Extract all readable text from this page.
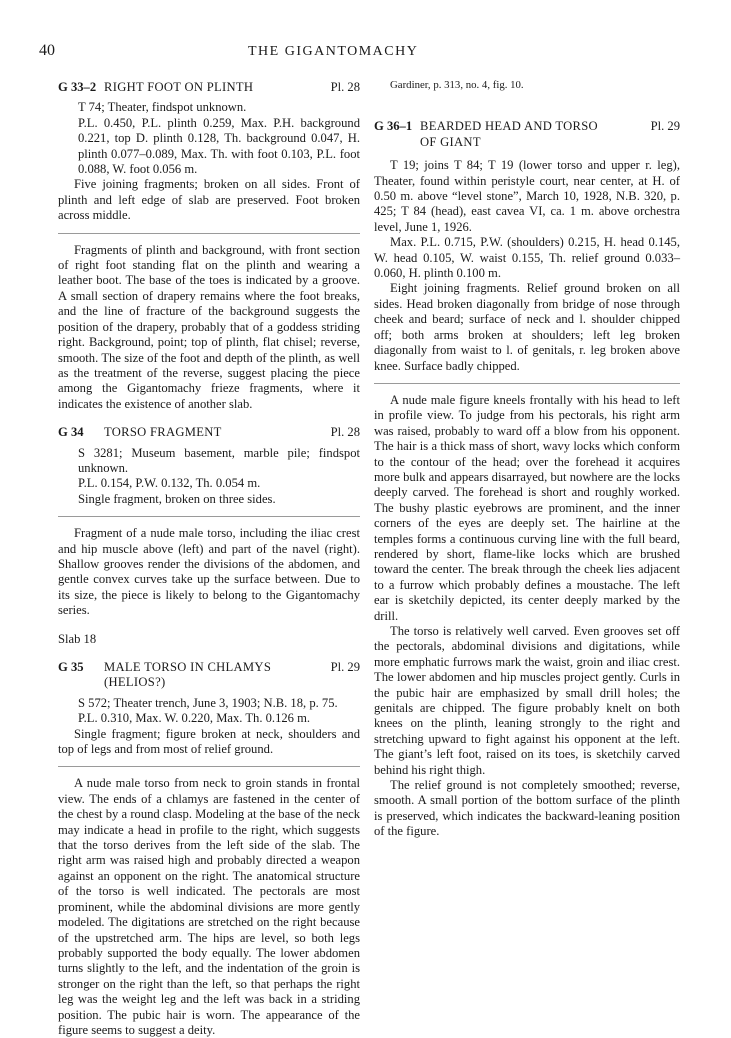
40	THE GIGANTOMACHY
G 33–2 RIGHT FOOT ON PLINTH	Pl. 28

T 74; Theater, findspot unknown.

P.L. 0.450, P.L. plinth 0.259, Max. P.H. background 0.221, top D. plinth 0.128, Th. background 0.047, H. plinth 0.077–0.089, Max. Th. with foot 0.103, P.L. foot 0.088, W. foot 0.056 m.

Five joining fragments; broken on all sides. Front of plinth and left edge of slab are preserved. Foot broken across middle.

Fragments of plinth and background, with front section of right foot standing flat on the plinth and wearing a leather boot. The base of the toes is indicated by a groove. A small section of drapery remains where the foot breaks, and the line of fracture of the background suggests the position of the drapery, probably that of a goddess striding right. Background, point; top of plinth, flat chisel; reverse, smooth. The size of the foot and depth of the plinth, as well as the treatment of the reverse, suggest placing the piece among the Gigantomachy frieze fragments, where it indicates the existence of another slab.

G 34	TORSO FRAGMENT	Pl. 28

S 3281; Museum basement, marble pile; findspot unknown.

P.L. 0.154, P.W. 0.132, Th. 0.054 m.

Single fragment, broken on three sides.

Fragment of a nude male torso, including the iliac crest and hip muscle above (left) and part of the navel (right). Shallow grooves render the divisions of the abdomen, and gentle convex curves take up the surface between. Due to its size, the piece is likely to belong to the Gigantomachy series.

Slab 18

G 35	MALE TORSO IN CHLAMYS	Pl. 29
(HELIOS?)

S 572; Theater trench, June 3, 1903; N.B. 18, p. 75.

P.L. 0.310, Max. W. 0.220, Max. Th. 0.126 m.

Single fragment; figure broken at neck, shoulders and top of legs and from most of relief ground.

A nude male torso from neck to groin stands in frontal view. The ends of a chlamys are fastened in the center of the chest by a round clasp. Modeling at the base of the neck may indicate a head in profile to the right, which suggests that the torso derives from the left side of the slab. The right arm was raised high and probably directed a weapon against an opponent on the right. The anatomical structure of the torso is well indicated. The pectorals are most prominent, while the abdominal divisions are more gently modeled. The digitations are stretched on the right because of the upstretched arm. The hips are level, so both legs probably supported the body equally. The lower abdomen turns slightly to the left, and the indentation of the groin is stronger on the right than the left, so that perhaps the right leg was the weight leg and the left was back in a striding position. The pubic hair is worn. The appearance of the figure seems to suggest a deity.

Gardiner, p. 313, no. 4, fig. 10.

G 36–1 BEARDED HEAD AND TORSO	Pl. 29
OF GIANT

T 19; joins T 84; T 19 (lower torso and upper r. leg), Theater, found within peristyle court, near center, at H. of 0.50 m. above “level stone”, March 10, 1928, N.B. 320, p. 425; T 84 (head), east cavea VI, ca. 1 m. above orchestra level, June 1, 1926.

Max. P.L. 0.715, P.W. (shoulders) 0.215, H. head 0.145, W. head 0.105, W. waist 0.155, Th. relief ground 0.033–0.060, H. plinth 0.100 m.

Eight joining fragments. Relief ground broken on all sides. Head broken diagonally from bridge of nose through cheek and beard; surface of neck and l. shoulder chipped off; both arms broken at shoulders; left leg broken diagonally from waist to l. of genitals, r. leg broken above knee. Surface badly chipped.

A nude male figure kneels frontally with his head to left in profile view. To judge from his pectorals, his right arm was raised, probably to ward off a blow from his opponent. The hair is a thick mass of short, wavy locks which conform to the contour of the head; over the forehead it acquires more bulk and appears disarrayed, but nowhere are the locks deeply carved. The forehead is short and roughly worked. The bushy plastic eyebrows are prominent, and the inner corners of the eyes are deeply set. The hairline at the temples forms a continuous curving line with the full beard, rendered by short, flame-like locks which are brushed toward the center. The break through the cheek lies adjacent to a furrow which probably defines a moustache. The left ear is sketchily depicted, its center deeply marked by the drill.

The torso is relatively well carved. Even grooves set off the pectorals, abdominal divisions and digitations, while more emphatic furrows mark the waist, groin and iliac crest. The lower abdomen and hip muscles project gently. Curls in the pubic hair are emphasized by small drill holes; the genitals are chipped. The figure probably knelt on both knees on the plinth, leaning strongly to the right and stretching upward to fight against his opponent at the left. The giant’s left foot, raised on its toes, is sketchily carved behind his right thigh.

The relief ground is not completely smoothed; reverse, smooth. A small portion of the bottom surface of the plinth is preserved, which indicates the backward-leaning position of the figure.
